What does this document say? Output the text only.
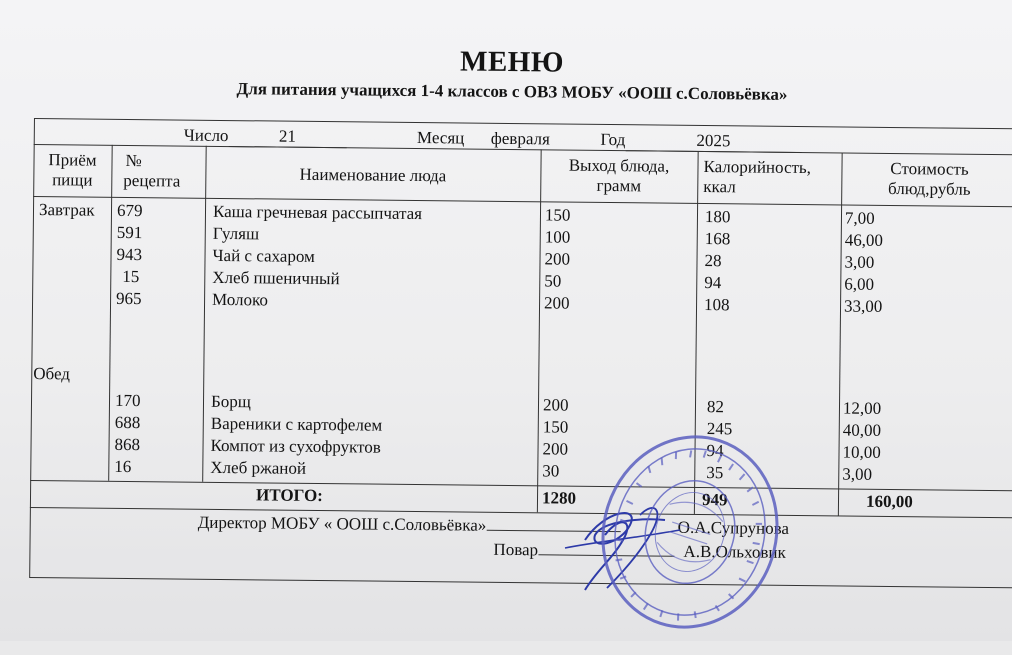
МЕНЮ
Для питания учащихся 1-4 классов с ОВЗ МОБУ «ООШ с.Соловьёвка»
Число	21	Месяц февраля	Год	2025
Приём
пищи
№
рецепта	Наименование люда	Выход блюда,
грамм
Калорийность,
ккал
Стоимость
блюд,рубль
Завтрак
Обед
679	Каша гречневая рассыпчатая	150	180	7,00
591	Гуляш	100	168	46,00
943	Чай с сахаром	200	28	3,00
15	Хлеб пшеничный	50	94	6,00
965	Молоко	200	108	33,00
170	Борщ	200	82	12,00
688	Вареники с картофелем	150	245	40,00
868	Компот из сухофруктов	200	94	10,00
16	Хлеб ржаной	30	35	3,00
ИТОГО:	1280	949	160,00
Директор МОБУ « ООШ с.Соловьёвка»	О.А.Супрунова
Повар	А.В.Ольховик
